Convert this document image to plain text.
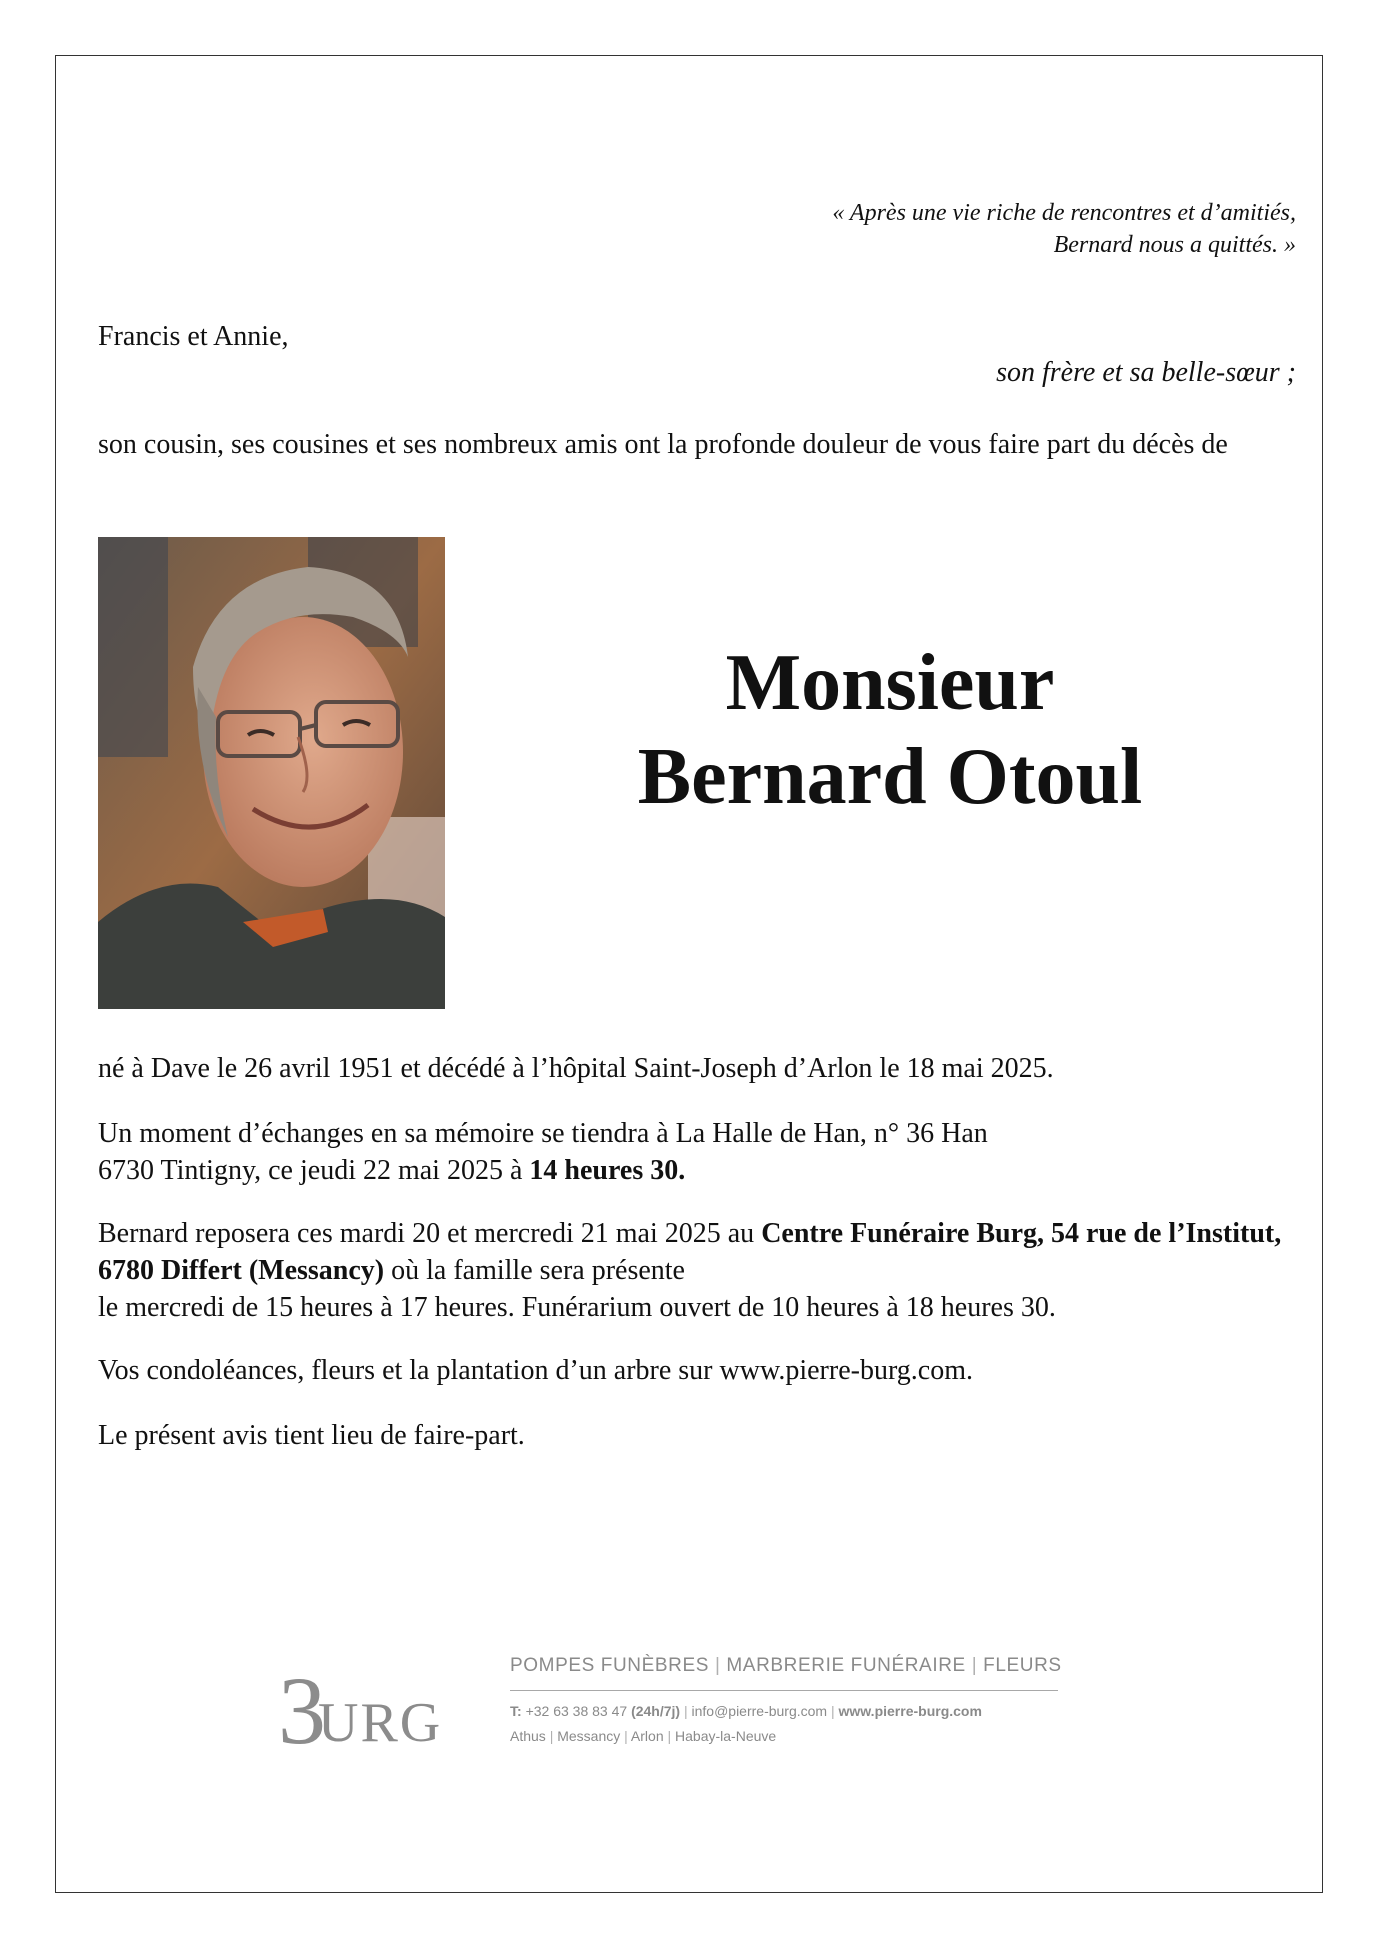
« Après une vie riche de rencontres et d’amitiés,
Bernard nous a quittés. »
Francis et Annie,
son frère et sa belle-sœur ;
son cousin, ses cousines et ses nombreux amis ont la profonde douleur de vous faire part du décès de
Monsieur
Bernard Otoul
né à Dave le 26 avril 1951 et décédé à l’hôpital Saint-Joseph d’Arlon le 18 mai 2025.
Un moment d’échanges en sa mémoire se tiendra à La Halle de Han, n° 36 Han
6730 Tintigny, ce jeudi 22 mai 2025 à 14 heures 30.
Bernard reposera ces mardi 20 et mercredi 21 mai 2025 au Centre Funéraire Burg, 54 rue de l’Institut, 6780 Differt (Messancy) où la famille sera présente
le mercredi de 15 heures à 17 heures. Funérarium ouvert de 10 heures à 18 heures 30.
Vos condoléances, fleurs et la plantation d’un arbre sur www.pierre-burg.com.
Le présent avis tient lieu de faire-part.
3
URG
POMPES FUNÈBRES | MARBRERIE FUNÉRAIRE | FLEURS
T: +32 63 38 83 47 (24h/7j) | info@pierre-burg.com | www.pierre-burg.com
Athus | Messancy | Arlon | Habay-la-Neuve
